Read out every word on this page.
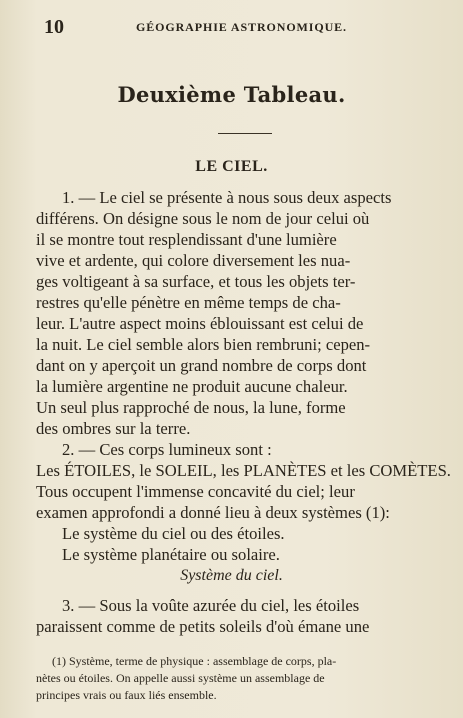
10	GÉOGRAPHIE ASTRONOMIQUE.
Deuxième Tableau.
LE CIEL.
1. — Le ciel se présente à nous sous deux aspects
différens. On désigne sous le nom de jour celui où
il se montre tout resplendissant d'une lumière
vive et ardente, qui colore diversement les nua-
ges voltigeant à sa surface, et tous les objets ter-
restres qu'elle pénètre en même temps de cha-
leur. L'autre aspect moins éblouissant est celui de
la nuit. Le ciel semble alors bien rembruni; cepen-
dant on y aperçoit un grand nombre de corps dont
la lumière argentine ne produit aucune chaleur.
Un seul plus rapproché de nous, la lune, forme
des ombres sur la terre.
2. — Ces corps lumineux sont :
Les ÉTOILES, le SOLEIL, les PLANÈTES et les COMÈTES.
Tous occupent l'immense concavité du ciel; leur
examen approfondi a donné lieu à deux systèmes (1):
Le système du ciel ou des étoiles.
Le système planétaire ou solaire.
Système du ciel.
3. — Sous la voûte azurée du ciel, les étoiles
paraissent comme de petits soleils d'où émane une
(1) Système, terme de physique : assemblage de corps, pla-
nètes ou étoiles. On appelle aussi système un assemblage de
principes vrais ou faux liés ensemble.
